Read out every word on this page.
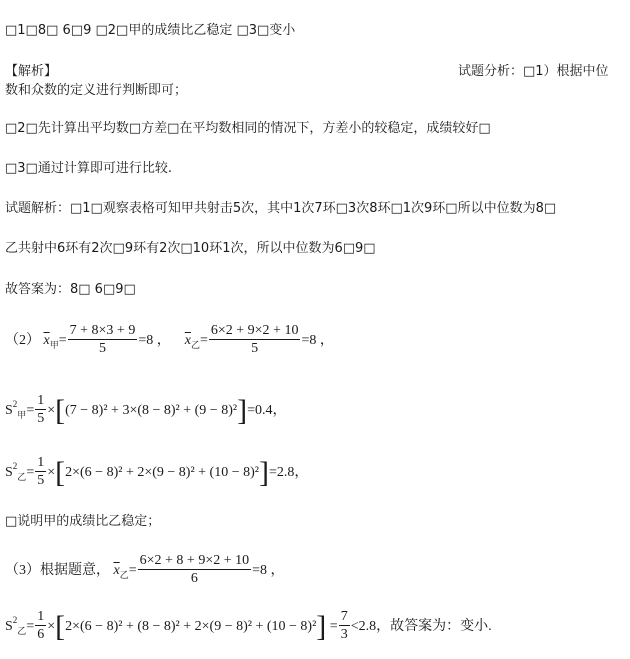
□1□8□ 6□9 □2□甲的成绩比乙稳定 □3□变小
【解析】	试题分析：□1）根据中位
数和众数的定义进行判断即可；
□2□先计算出平均数□方差□在平均数相同的情况下，方差小的较稳定，成绩较好□
□3□通过计算即可进行比较.
试题解析：□1□观察表格可知甲共射击5次，其中1次7环□3次8环□1次9环□所以中位数为8□
乙共射中6环有2次□9环有2次□10环1次，所以中位数为6□9□
故答案为：8□ 6□9□
（2） $\overline{x}_甲= \frac{7 + 8\times 3 + 9}{5} =8$ ， $\overline{x}_乙= \frac{6\times 2 + 9\times 2 + 10}{5} =8$ ，
$S^2_甲= \frac{1}{5} \times[(7 - 8)^2 + 3\times(8 - 8)^2 + (9 - 8)^2]=0.4$，
$S^2_乙= \frac{1}{5} \times[2\times(6 - 8)^2 + 2\times(9 - 8)^2 + (10 - 8)^2]=2.8$，
□说明甲的成绩比乙稳定；
（3）根据题意， $\overline{x}_乙= \frac{6\times 2 + 8 + 9\times 2 + 10}{6} =8$ ，
$S^2_乙= \frac{1}{6} \times[2\times(6 - 8)^2 + (8 - 8)^2 + 2\times(9 - 8)^2 + (10 - 8)^2] = \frac{7}{3} <2.8$，故答案为：变小.
